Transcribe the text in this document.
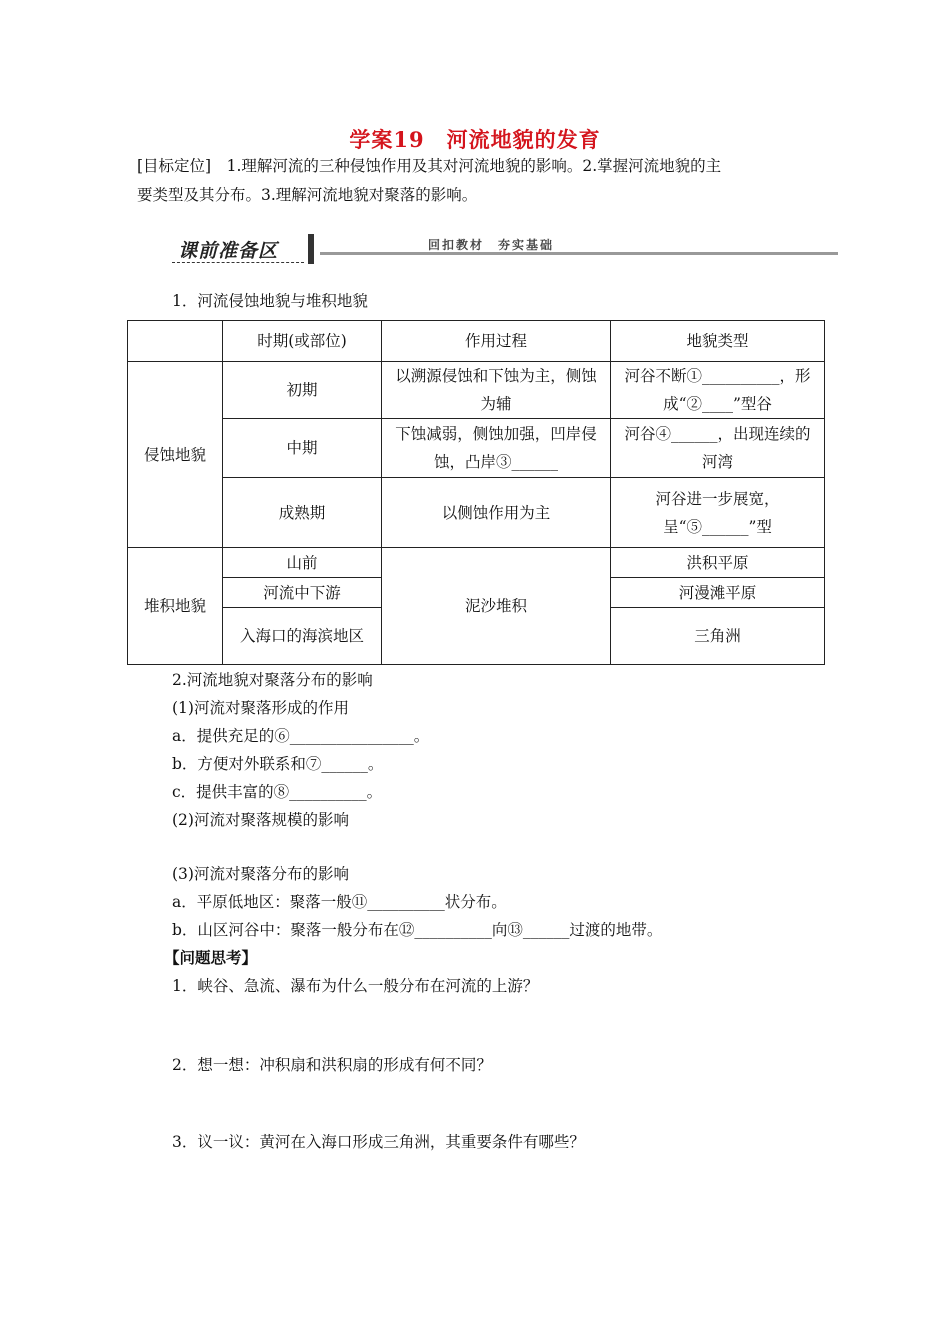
学案19　河流地貌的发育
[目标定位]　1.理解河流的三种侵蚀作用及其对河流地貌的影响。2.掌握河流地貌的主
要类型及其分布。3.理解河流地貌对聚落的影响。
课前准备区	回扣教材　夯实基础
1．河流侵蚀地貌与堆积地貌
	时期(或部位)	作用过程	地貌类型
侵蚀地貌	初期	以溯源侵蚀和下蚀为主，侧蚀为辅	河谷不断①__________，形成“②____”型谷
	中期	下蚀减弱，侧蚀加强，凹岸侵蚀，凸岸③______	河谷④______，出现连续的河湾
	成熟期	以侧蚀作用为主	河谷进一步展宽，呈“⑤______”型
堆积地貌	山前	泥沙堆积	洪积平原
	河流中下游		河漫滩平原
	入海口的海滨地区		三角洲
2.河流地貌对聚落分布的影响
(1)河流对聚落形成的作用
a．提供充足的⑥________________。
b．方便对外联系和⑦______。
c．提供丰富的⑧__________。
(2)河流对聚落规模的影响
(3)河流对聚落分布的影响
a．平原低地区：聚落一般⑪__________状分布。
b．山区河谷中：聚落一般分布在⑫__________向⑬______过渡的地带。
【问题思考】
1．峡谷、急流、瀑布为什么一般分布在河流的上游？
2．想一想：冲积扇和洪积扇的形成有何不同？
3．议一议：黄河在入海口形成三角洲，其重要条件有哪些？
